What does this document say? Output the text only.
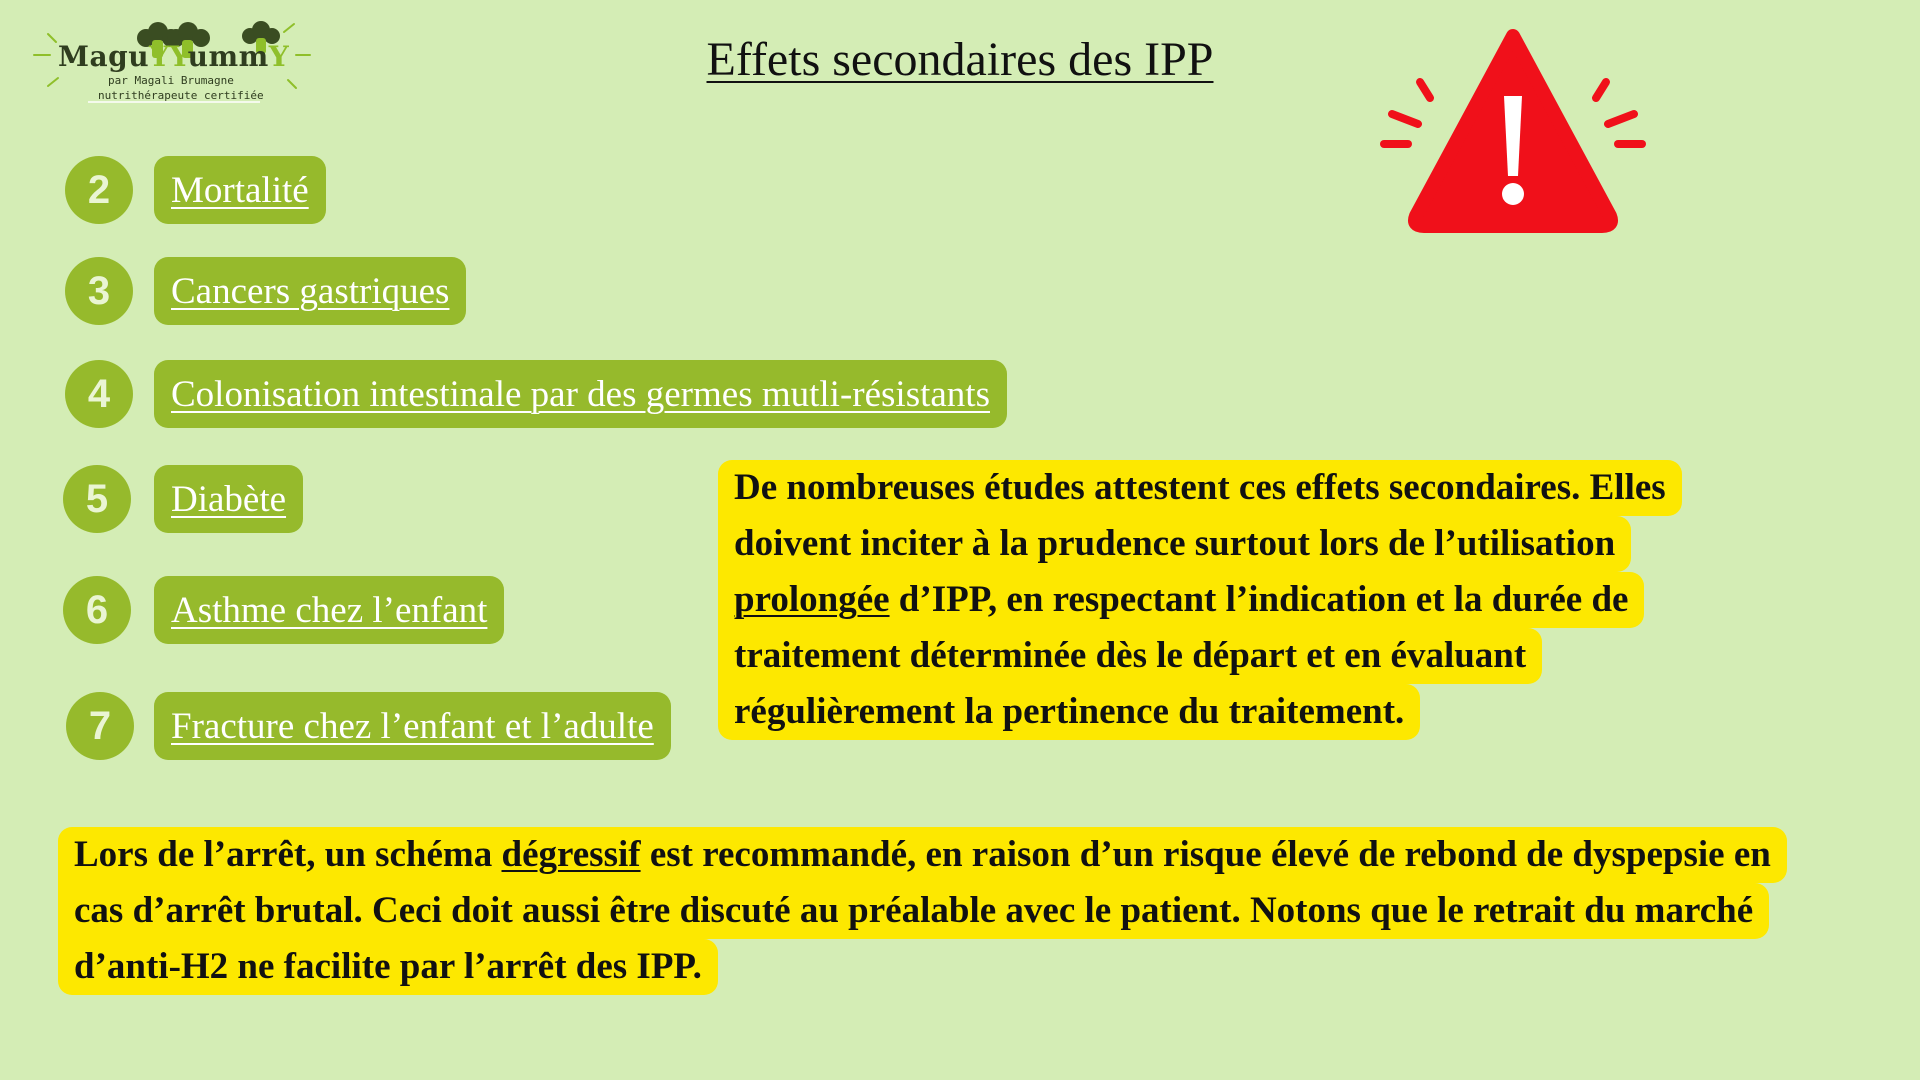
MaguYYummY
par Magali Brumagne
nutrithérapeute certifiée
Effets secondaires des IPP
2	Mortalité
3	Cancers gastriques
4	Colonisation intestinale par des germes mutli-résistants
5	Diabète
6	Asthme chez l’enfant
7	Fracture chez l’enfant et l’adulte
De nombreuses études attestent ces effets secondaires. Elles
doivent inciter à la prudence surtout lors de l’utilisation
prolongée d’IPP, en respectant l’indication et la durée de
traitement déterminée dès le départ et en évaluant
régulièrement la pertinence du traitement.
Lors de l’arrêt, un schéma dégressif est recommandé, en raison d’un risque élevé de rebond de dyspepsie en
cas d’arrêt brutal. Ceci doit aussi être discuté au préalable avec le patient. Notons que le retrait du marché
d’anti-H2 ne facilite par l’arrêt des IPP.
